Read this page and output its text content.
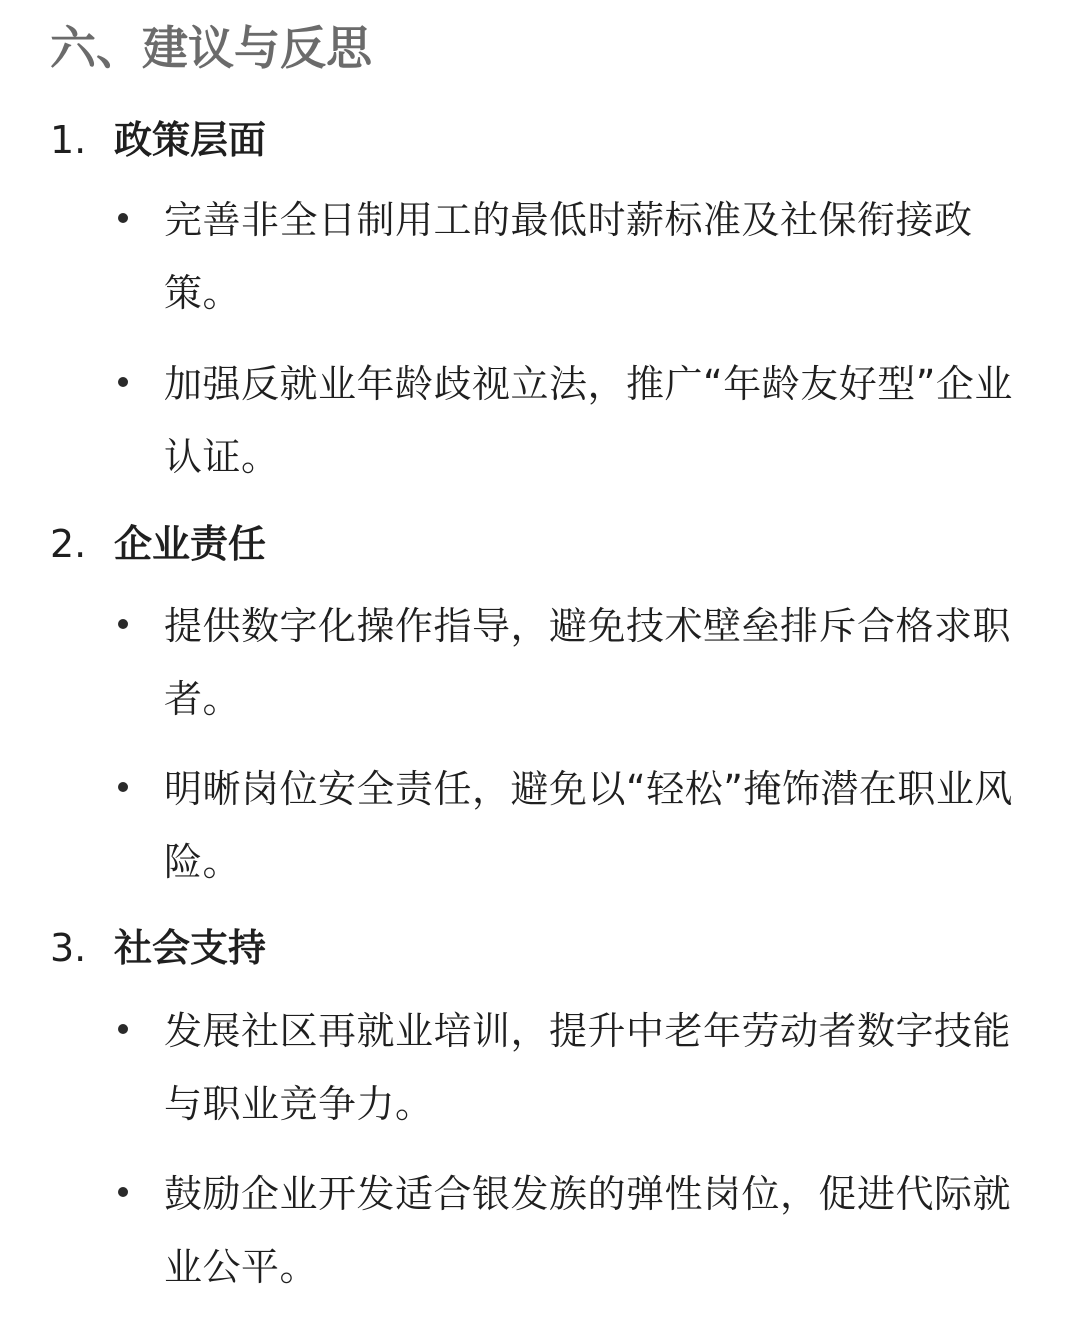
六、建议与反思
1. 政策层面
完善非全日制用工的最低时薪标准及社保衔接政策。
加强反就业年龄歧视立法，推广“年龄友好型”企业认证。
2. 企业责任
提供数字化操作指导，避免技术壁垒排斥合格求职者。
明晰岗位安全责任，避免以“轻松”掩饰潜在职业风险。
3. 社会支持
发展社区再就业培训，提升中老年劳动者数字技能与职业竞争力。
鼓励企业开发适合银发族的弹性岗位，促进代际就业公平。
